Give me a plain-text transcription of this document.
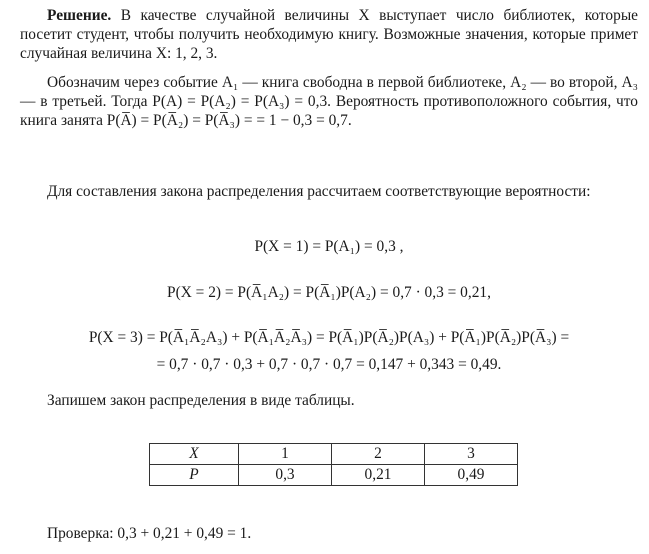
Решение. В качестве случайной величины X выступает число библиотек, которые посетит студент, чтобы получить необходимую книгу. Возможные значения, которые примет случайная величина X: 1, 2, 3.

Обозначим через событие A₁ — книга свободна в первой библиотеке, A₂ — во второй, A₃ — в третьей. Тогда P(A) = P(A₂) = P(A₃) = 0,3. Вероятность противоположного события, что книга занята P(A̅) = P(A̅₂) = P(A̅₃) = = 1 − 0,3 = 0,7.

Для составления закона распределения рассчитаем соответствующие вероятности:

P(X = 1) = P(A₁) = 0,3 ,

P(X = 2) = P(A̅₁A₂) = P(A̅₁)P(A₂) = 0,7 · 0,3 = 0,21,

P(X = 3) = P(A̅₁A̅₂A₃) + P(A̅₁A̅₂A̅₃) = P(A̅₁)P(A̅₂)P(A₃) + P(A̅₁)P(A̅₂)P(A̅₃) =

= 0,7 · 0,7 · 0,3 + 0,7 · 0,7 · 0,7 = 0,147 + 0,343 = 0,49.

Запишем закон распределения в виде таблицы.

X	1	2	3
P	0,3	0,21	0,49

Проверка: 0,3 + 0,21 + 0,49 = 1.
